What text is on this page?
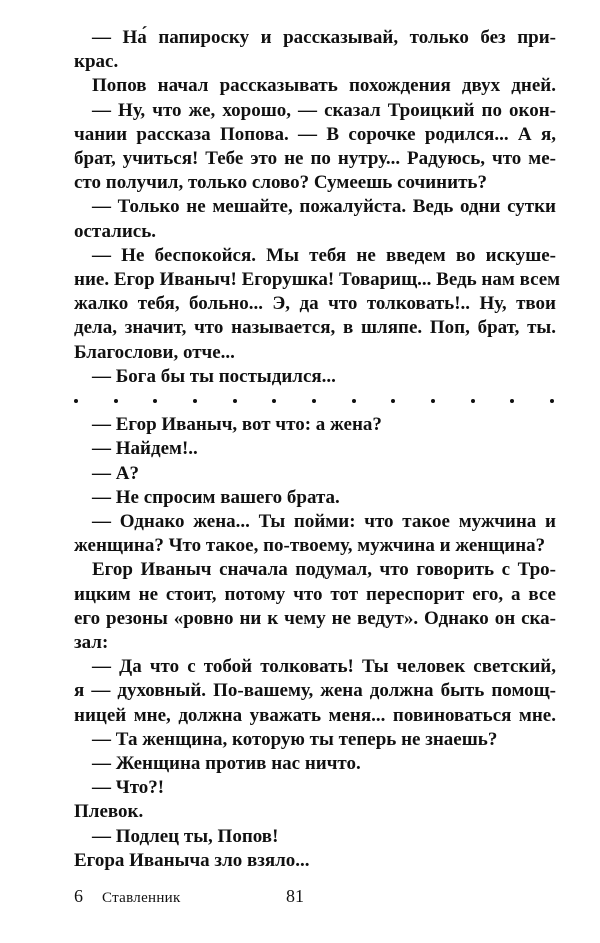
— На́ папироску и рассказывай, только без при-
крас.
Попов начал рассказывать похождения двух дней.
— Ну, что же, хорошо, — сказал Троицкий по окон-
чании рассказа Попова. — В сорочке родился... А я,
брат, учиться! Тебе это не по нутру... Радуюсь, что ме-
сто получил, только слово? Сумеешь сочинить?
— Только не мешайте, пожалуйста. Ведь одни сутки
остались.
— Не беспокойся. Мы тебя не введем во искуше-
ние. Егор Иваныч! Егорушка! Товарищ... Ведь нам всем
жалко тебя, больно... Э, да что толковать!.. Ну, твои
дела, значит, что называется, в шляпе. Поп, брат, ты.
Благослови, отче...
— Бога бы ты постыдился...
— Егор Иваныч, вот что: а жена?
— Найдем!..
— А?
— Не спросим вашего брата.
— Однако жена... Ты пойми: что такое мужчина и
женщина? Что такое, по-твоему, мужчина и женщина?
Егор Иваныч сначала подумал, что говорить с Тро-
ицким не стоит, потому что тот переспорит его, а все
его резоны «ровно ни к чему не ведут». Однако он ска-
зал:
— Да что с тобой толковать! Ты человек светский,
я — духовный. По-вашему, жена должна быть помощ-
ницей мне, должна уважать меня... повиноваться мне.
— Та женщина, которую ты теперь не знаешь?
— Женщина против нас ничто.
— Что?!
Плевок.
— Подлец ты, Попов!
Егора Иваныча зло взяло...
6 Ставленник	81
